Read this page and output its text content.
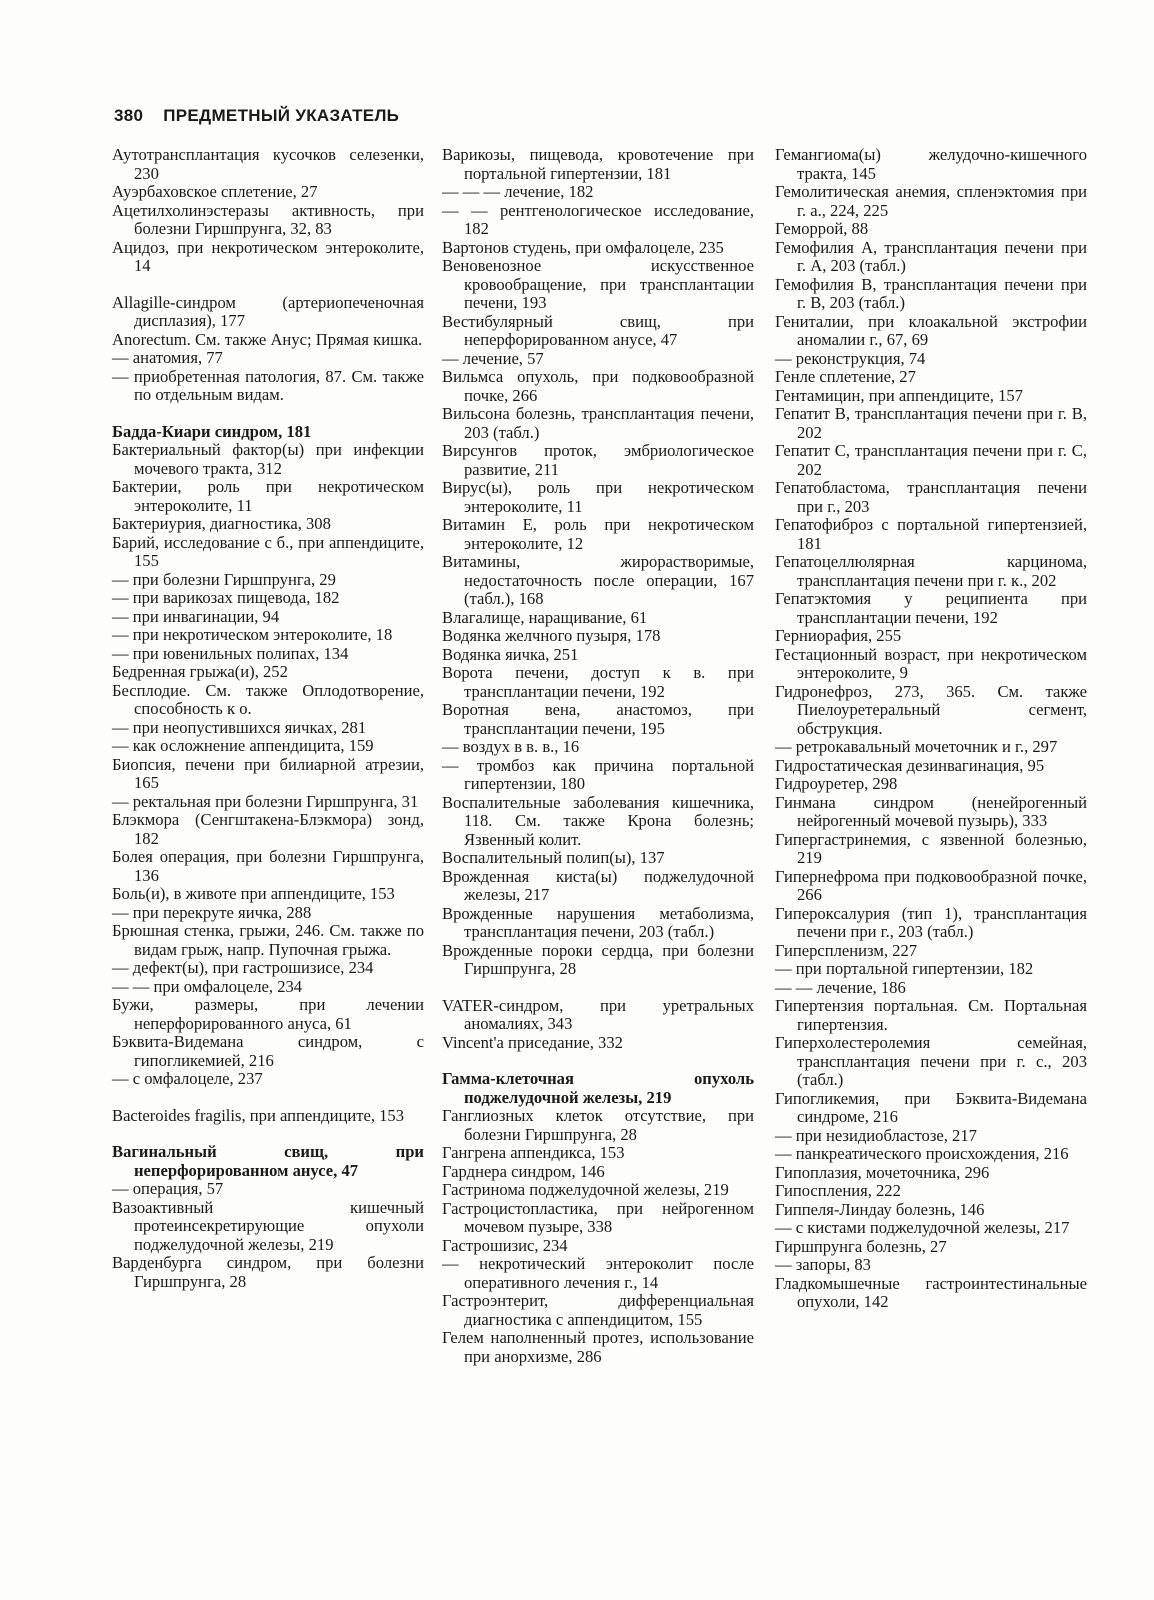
380 ПРЕДМЕТНЫЙ УКАЗАТЕЛЬ
Аутотрансплантация кусочков селезенки, 230
Ауэрбаховское сплетение, 27
Ацетилхолинэстеразы активность, при болезни Гиршпрунга, 32, 83
Ацидоз, при некротическом энтероколите, 14
Allagille-синдром (артериопеченочная дисплазия), 177
Anorectum. См. также Анус; Прямая кишка.
— анатомия, 77
— приобретенная патология, 87. См. также по отдельным видам.
Бадда-Киари синдром, 181
Бактериальный фактор(ы) при инфекции мочевого тракта, 312
Бактерии, роль при некротическом энтероколите, 11
Бактериурия, диагностика, 308
Барий, исследование с б., при аппендиците, 155
— при болезни Гиршпрунга, 29
— при варикозах пищевода, 182
— при инвагинации, 94
— при некротическом энтероколите, 18
— при ювенильных полипах, 134
Бедренная грыжа(и), 252
Бесплодие. См. также Оплодотворение, способность к о.
— при неопустившихся яичках, 281
— как осложнение аппендицита, 159
Биопсия, печени при билиарной атрезии, 165
— ректальная при болезни Гиршпрунга, 31
Блэкмора (Сенгштакена-Блэкмора) зонд, 182
Болея операция, при болезни Гиршпрунга, 136
Боль(и), в животе при аппендиците, 153
— при перекруте яичка, 288
Брюшная стенка, грыжи, 246. См. также по видам грыж, напр. Пупочная грыжа.
— дефект(ы), при гастрошизисе, 234
— — при омфалоцеле, 234
Бужи, размеры, при лечении неперфорированного ануса, 61
Бэквита-Видемана синдром, с гипогликемией, 216
— с омфалоцеле, 237
Bacteroides fragilis, при аппендиците, 153
Вагинальный свищ, при неперфорированном анусе, 47
— операция, 57
Вазоактивный кишечный протеинсекретирующие опухоли поджелудочной железы, 219
Варденбурга синдром, при болезни Гиршпрунга, 28
Варикозы, пищевода, кровотечение при портальной гипертензии, 181
— — — лечение, 182
— — рентгенологическое исследование, 182
Вартонов студень, при омфалоцеле, 235
Веновенозное искусственное кровообращение, при трансплантации печени, 193
Вестибулярный свищ, при неперфорированном анусе, 47
— лечение, 57
Вильмса опухоль, при подковообразной почке, 266
Вильсона болезнь, трансплантация печени, 203 (табл.)
Вирсунгов проток, эмбриологическое развитие, 211
Вирус(ы), роль при некротическом энтероколите, 11
Витамин Е, роль при некротическом энтероколите, 12
Витамины, жирорастворимые, недостаточность после операции, 167 (табл.), 168
Влагалище, наращивание, 61
Водянка желчного пузыря, 178
Водянка яичка, 251
Ворота печени, доступ к в. при трансплантации печени, 192
Воротная вена, анастомоз, при трансплантации печени, 195
— воздух в в. в., 16
— тромбоз как причина портальной гипертензии, 180
Воспалительные заболевания кишечника, 118. См. также Крона болезнь; Язвенный колит.
Воспалительный полип(ы), 137
Врожденная киста(ы) поджелудочной железы, 217
Врожденные нарушения метаболизма, трансплантация печени, 203 (табл.)
Врожденные пороки сердца, при болезни Гиршпрунга, 28
VATER-синдром, при уретральных аномалиях, 343
Vincent'a приседание, 332
Гамма-клеточная опухоль поджелудочной железы, 219
Ганглиозных клеток отсутствие, при болезни Гиршпрунга, 28
Гангрена аппендикса, 153
Гарднера синдром, 146
Гастринома поджелудочной железы, 219
Гастроцистопластика, при нейрогенном мочевом пузыре, 338
Гастрошизис, 234
— некротический энтероколит после оперативного лечения г., 14
Гастроэнтерит, дифференциальная диагностика с аппендицитом, 155
Гелем наполненный протез, использование при анорхизме, 286
Гемангиома(ы) желудочно-кишечного тракта, 145
Гемолитическая анемия, спленэктомия при г. а., 224, 225
Геморрой, 88
Гемофилия А, трансплантация печени при г. А, 203 (табл.)
Гемофилия В, трансплантация печени при г. В, 203 (табл.)
Гениталии, при клоакальной экстрофии аномалии г., 67, 69
— реконструкция, 74
Генле сплетение, 27
Гентамицин, при аппендиците, 157
Гепатит В, трансплантация печени при г. В, 202
Гепатит С, трансплантация печени при г. С, 202
Гепатобластома, трансплантация печени при г., 203
Гепатофиброз с портальной гипертензией, 181
Гепатоцеллюлярная карцинома, трансплантация печени при г. к., 202
Гепатэктомия у реципиента при трансплантации печени, 192
Герниорафия, 255
Гестационный возраст, при некротическом энтероколите, 9
Гидронефроз, 273, 365. См. также Пиелоуретеральный сегмент, обструкция.
— ретрокавальный мочеточник и г., 297
Гидростатическая дезинвагинация, 95
Гидроуретер, 298
Гинмана синдром (ненейрогенный нейрогенный мочевой пузырь), 333
Гипергастринемия, с язвенной болезнью, 219
Гипернефрома при подковообразной почке, 266
Гипероксалурия (тип 1), трансплантация печени при г., 203 (табл.)
Гиперспленизм, 227
— при портальной гипертензии, 182
— — лечение, 186
Гипертензия портальная. См. Портальная гипертензия.
Гиперхолестеролемия семейная, трансплантация печени при г. с., 203 (табл.)
Гипогликемия, при Бэквита-Видемана синдроме, 216
— при незидиобластозе, 217
— панкреатического происхождения, 216
Гипоплазия, мочеточника, 296
Гипоспления, 222
Гиппеля-Линдау болезнь, 146
— с кистами поджелудочной железы, 217
Гиршпрунга болезнь, 27
— запоры, 83
Гладкомышечные гастроинтестинальные опухоли, 142
